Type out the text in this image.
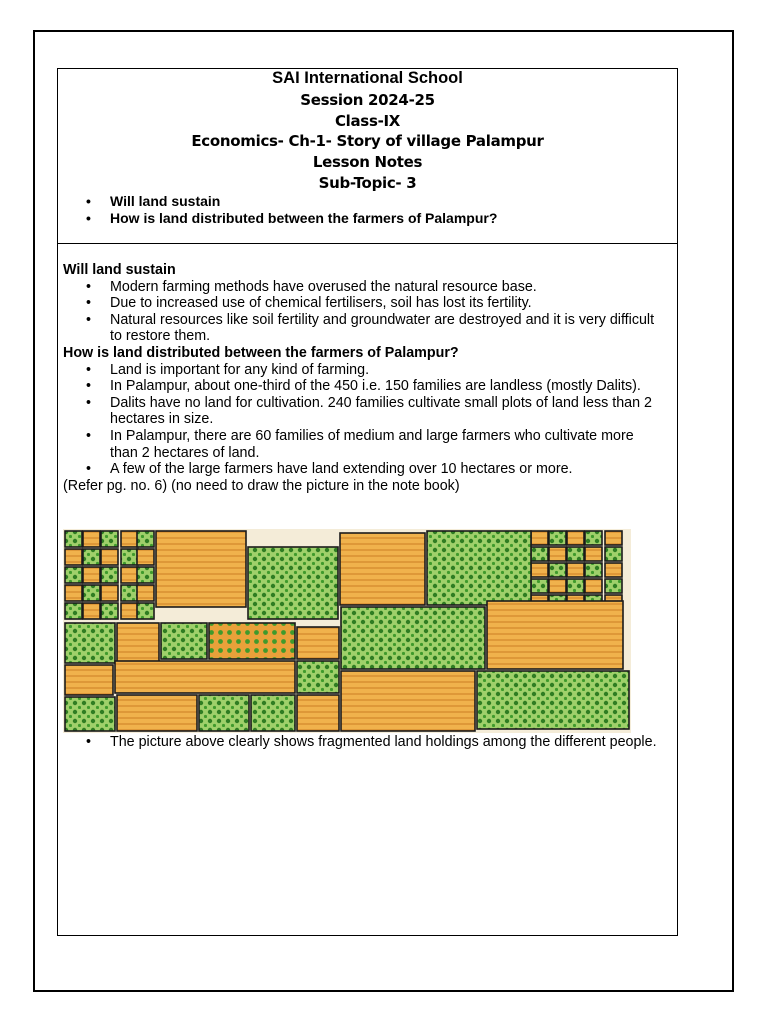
SAI International School
Session 2024-25
Class-IX
Economics- Ch-1- Story of village Palampur
Lesson Notes
Sub-Topic- 3
• Will land sustain
• How is land distributed between the farmers of Palampur?
Will land sustain
• Modern farming methods have overused the natural resource base.
• Due to increased use of chemical fertilisers, soil has lost its fertility.
• Natural resources like soil fertility and groundwater are destroyed and it is very difficult to restore them.
How is land distributed between the farmers of Palampur?
• Land is important for any kind of farming.
• In Palampur, about one-third of the 450 i.e. 150 families are landless (mostly Dalits).
• Dalits have no land for cultivation. 240 families cultivate small plots of land less than 2 hectares in size.
• In Palampur, there are 60 families of medium and large farmers who cultivate more than 2 hectares of land.
• A few of the large farmers have land extending over 10 hectares or more.

(Refer pg. no. 6) (no need to draw the picture in the note book)

• The picture above clearly shows fragmented land holdings among the different people.
